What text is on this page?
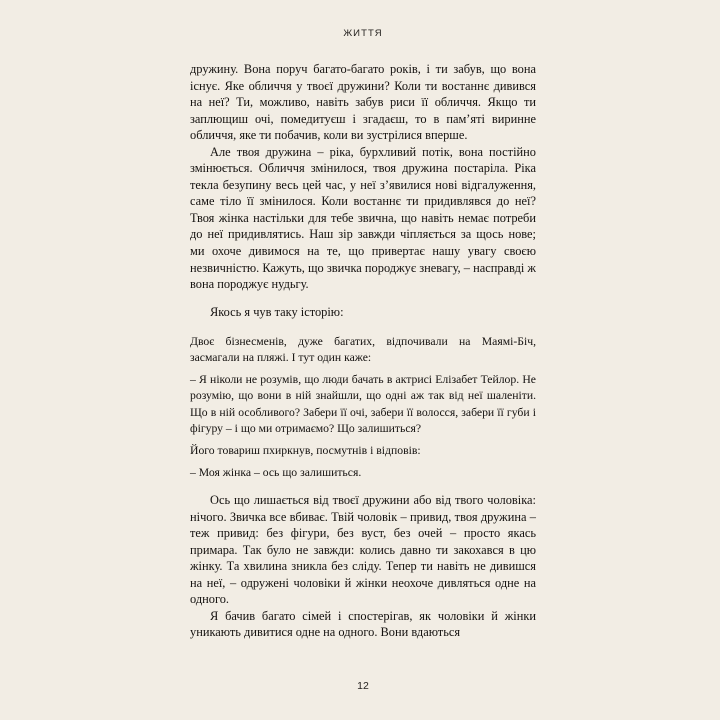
ЖИТТЯ

дружину. Вона поруч багато-багато років, і ти забув, що вона існує. Яке обличчя у твоєї дружини? Коли ти востаннє дивився на неї? Ти, можливо, навіть забув риси її обличчя. Якщо ти заплющиш очі, помедитуєш і згадаєш, то в пам’яті виринне обличчя, яке ти побачив, коли ви зустрілися вперше.

Але твоя дружина – ріка, бурхливий потік, вона постійно змінюється. Обличчя змінилося, твоя дружина постаріла. Ріка текла безупину весь цей час, у неї з’явилися нові відгалуження, саме тіло її змінилося. Коли востаннє ти придивлявся до неї? Твоя жінка настільки для тебе звична, що навіть немає потреби до неї придивлятись. Наш зір завжди чіпляється за щось нове; ми охоче дивимося на те, що привертає нашу увагу своєю незвичністю. Кажуть, що звичка породжує зневагу, – насправді ж вона породжує нудьгу.

Якось я чув таку історію:

Двоє бізнесменів, дуже багатих, відпочивали на Маямі-Біч, засмагали на пляжі. І тут один каже:

– Я ніколи не розумів, що люди бачать в актрисі Елізабет Тейлор. Не розумію, що вони в ній знайшли, що одні аж так від неї шаленіти. Що в ній особливого? Забери її очі, забери її волосся, забери її губи і фігуру – і що ми отримаємо? Що залишиться?

Його товариш пхиркнув, посмутнів і відповів:

– Моя жінка – ось що залишиться.

Ось що лишається від твоєї дружини або від твого чоловіка: нічого. Звичка все вбиває. Твій чоловік – привид, твоя дружина – теж привид: без фігури, без вуст, без очей – просто якась примара. Так було не завжди: колись давно ти закохався в цю жінку. Та хвилина зникла без сліду. Тепер ти навіть не дивишся на неї, – одружені чоловіки й жінки неохоче дивляться одне на одного.

Я бачив багато сімей і спостерігав, як чоловіки й жінки уникають дивитися одне на одного. Вони вдаються

12
